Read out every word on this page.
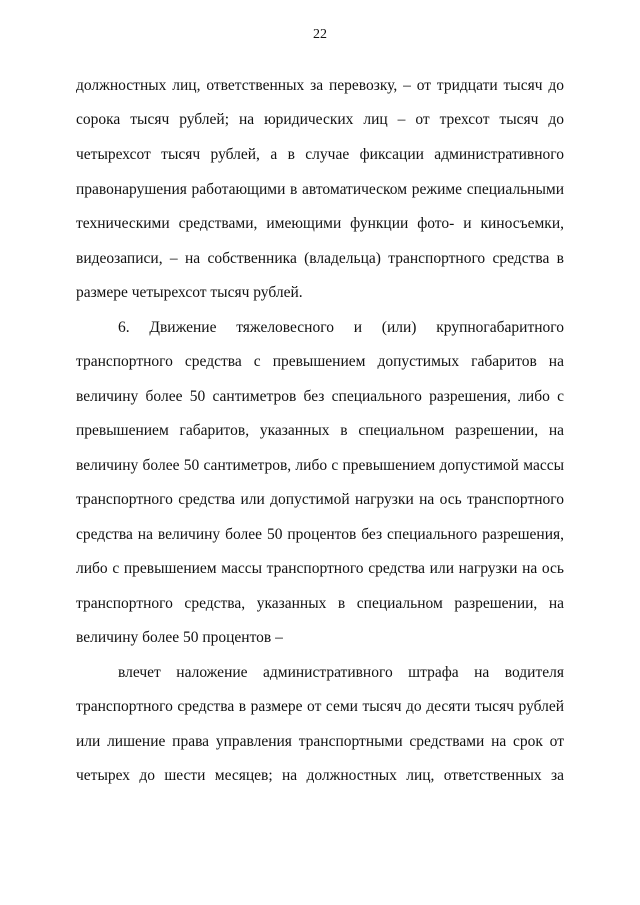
22
должностных лиц, ответственных за перевозку, – от тридцати тысяч до
сорока тысяч рублей; на юридических лиц – от трехсот тысяч до
четырехсот тысяч рублей, а в случае фиксации административного
правонарушения работающими в автоматическом режиме специальными
техническими средствами, имеющими функции фото- и киносъемки,
видеозаписи, – на собственника (владельца) транспортного средства в
размере четырехсот тысяч рублей.
6. Движение тяжеловесного и (или) крупногабаритного
транспортного средства с превышением допустимых габаритов на
величину более 50 сантиметров без специального разрешения, либо с
превышением габаритов, указанных в специальном разрешении, на
величину более 50 сантиметров, либо с превышением допустимой массы
транспортного средства или допустимой нагрузки на ось транспортного
средства на величину более 50 процентов без специального разрешения,
либо с превышением массы транспортного средства или нагрузки на ось
транспортного средства, указанных в специальном разрешении, на
величину более 50 процентов –
влечет наложение административного штрафа на водителя
транспортного средства в размере от семи тысяч до десяти тысяч рублей
или лишение права управления транспортными средствами на срок от
четырех до шести месяцев; на должностных лиц, ответственных за
